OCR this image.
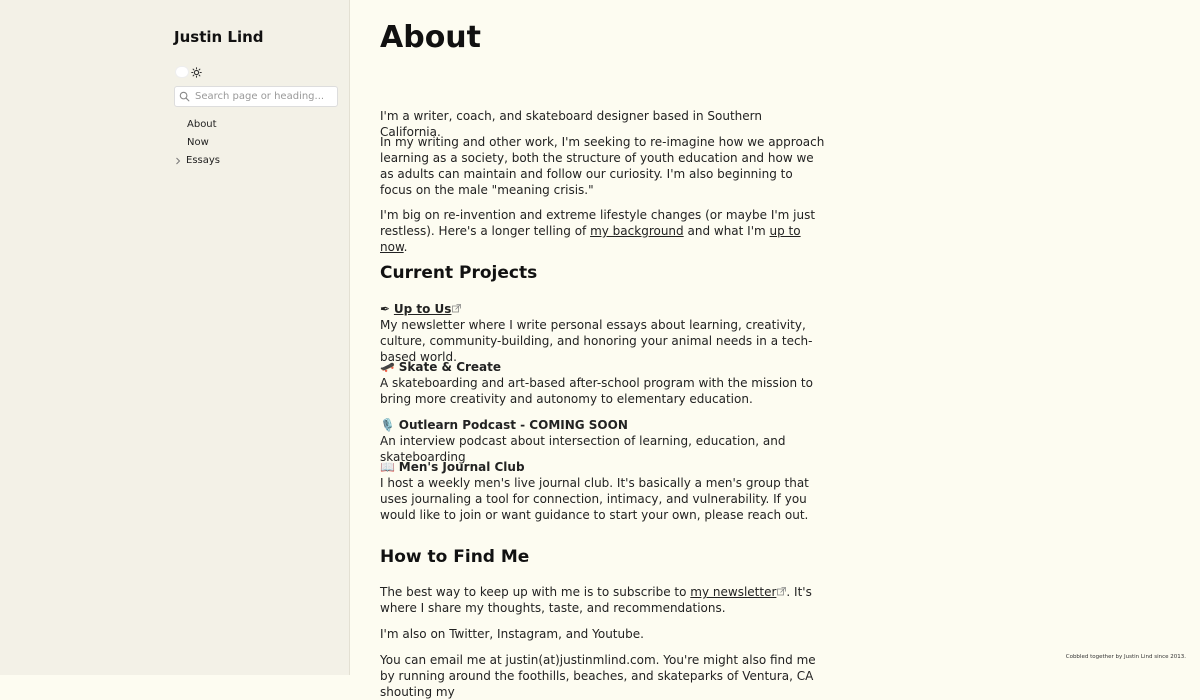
Justin Lind
Search page or heading...
About
Now
Essays
About

I'm a writer, coach, and skateboard designer based in Southern California.

In my writing and other work, I'm seeking to re-imagine how we approach learning as a society, both the structure of youth education and how we as adults can maintain and follow our curiosity. I'm also beginning to focus on the male "meaning crisis."

I'm big on re-invention and extreme lifestyle changes (or maybe I'm just restless). Here's a longer telling of my background and what I'm up to now.

Current Projects
✒ Up to Us
My newsletter where I write personal essays about learning, creativity, culture, community-building, and honoring your animal needs in a tech-based world.
🛹 Skate & Create
A skateboarding and art-based after-school program with the mission to bring more creativity and autonomy to elementary education.
🎙️ Outlearn Podcast - COMING SOON
An interview podcast about intersection of learning, education, and skateboarding
📖 Men's Journal Club
I host a weekly men's live journal club. It's basically a men's group that uses journaling a tool for connection, intimacy, and vulnerability. If you would like to join or want guidance to start your own, please reach out.
How to Find Me

The best way to keep up with me is to subscribe to my newsletter . It's where I share my thoughts, taste, and recommendations.

I'm also on Twitter, Instagram, and Youtube.

You can email me at justin(at)justinmlind.com. You're might also find me by running around the foothills, beaches, and skateparks of Ventura, CA shouting my

Cobbled together by Justin Lind since 2013.
